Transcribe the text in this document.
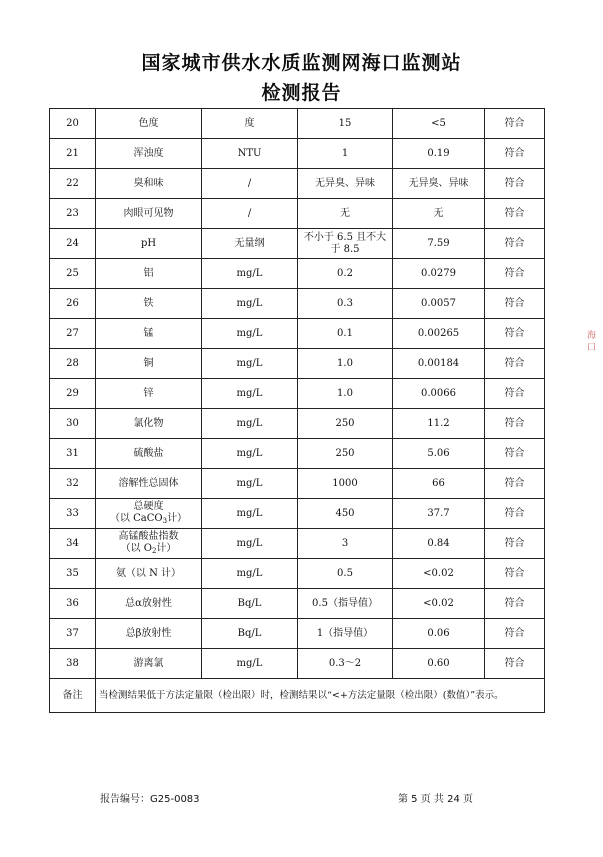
国家城市供水水质监测网海口监测站
检测报告
20	色度	度	15	<5	符合
21	浑浊度	NTU	1	0.19	符合
22	臭和味	/	无异臭、异味	无异臭、异味	符合
23	肉眼可见物	/	无	无	符合
24	pH	无量纲	不小于 6.5 且不大
于 8.5	7.59	符合
25	铝	mg/L	0.2	0.0279	符合
26	铁	mg/L	0.3	0.0057	符合
27	锰	mg/L	0.1	0.00265	符合
28	铜	mg/L	1.0	0.00184	符合
29	锌	mg/L	1.0	0.0066	符合
30	氯化物	mg/L	250	11.2	符合
31	硫酸盐	mg/L	250	5.06	符合
32	溶解性总固体	mg/L	1000	66	符合
33	总硬度
（以 CaCO$_3$计）	mg/L	450	37.7	符合
34	高锰酸盐指数
（以 $O_2$计）	mg/L	3	0.84	符合
35	氨（以 N 计）	mg/L	0.5	<0.02	符合
36	总α放射性	Bq/L	0.5（指导值）	<0.02	符合
37	总β放射性	Bq/L	1（指导值）	0.06	符合
38	游离氯	mg/L	0.3～2	0.60	符合
备注	当检测结果低于方法定量限（检出限）时，检测结果以“<+方法定量限（检出限）(数值）”表示。				
报告编号：G25-0083	第 5 页 共 24 页
海口
